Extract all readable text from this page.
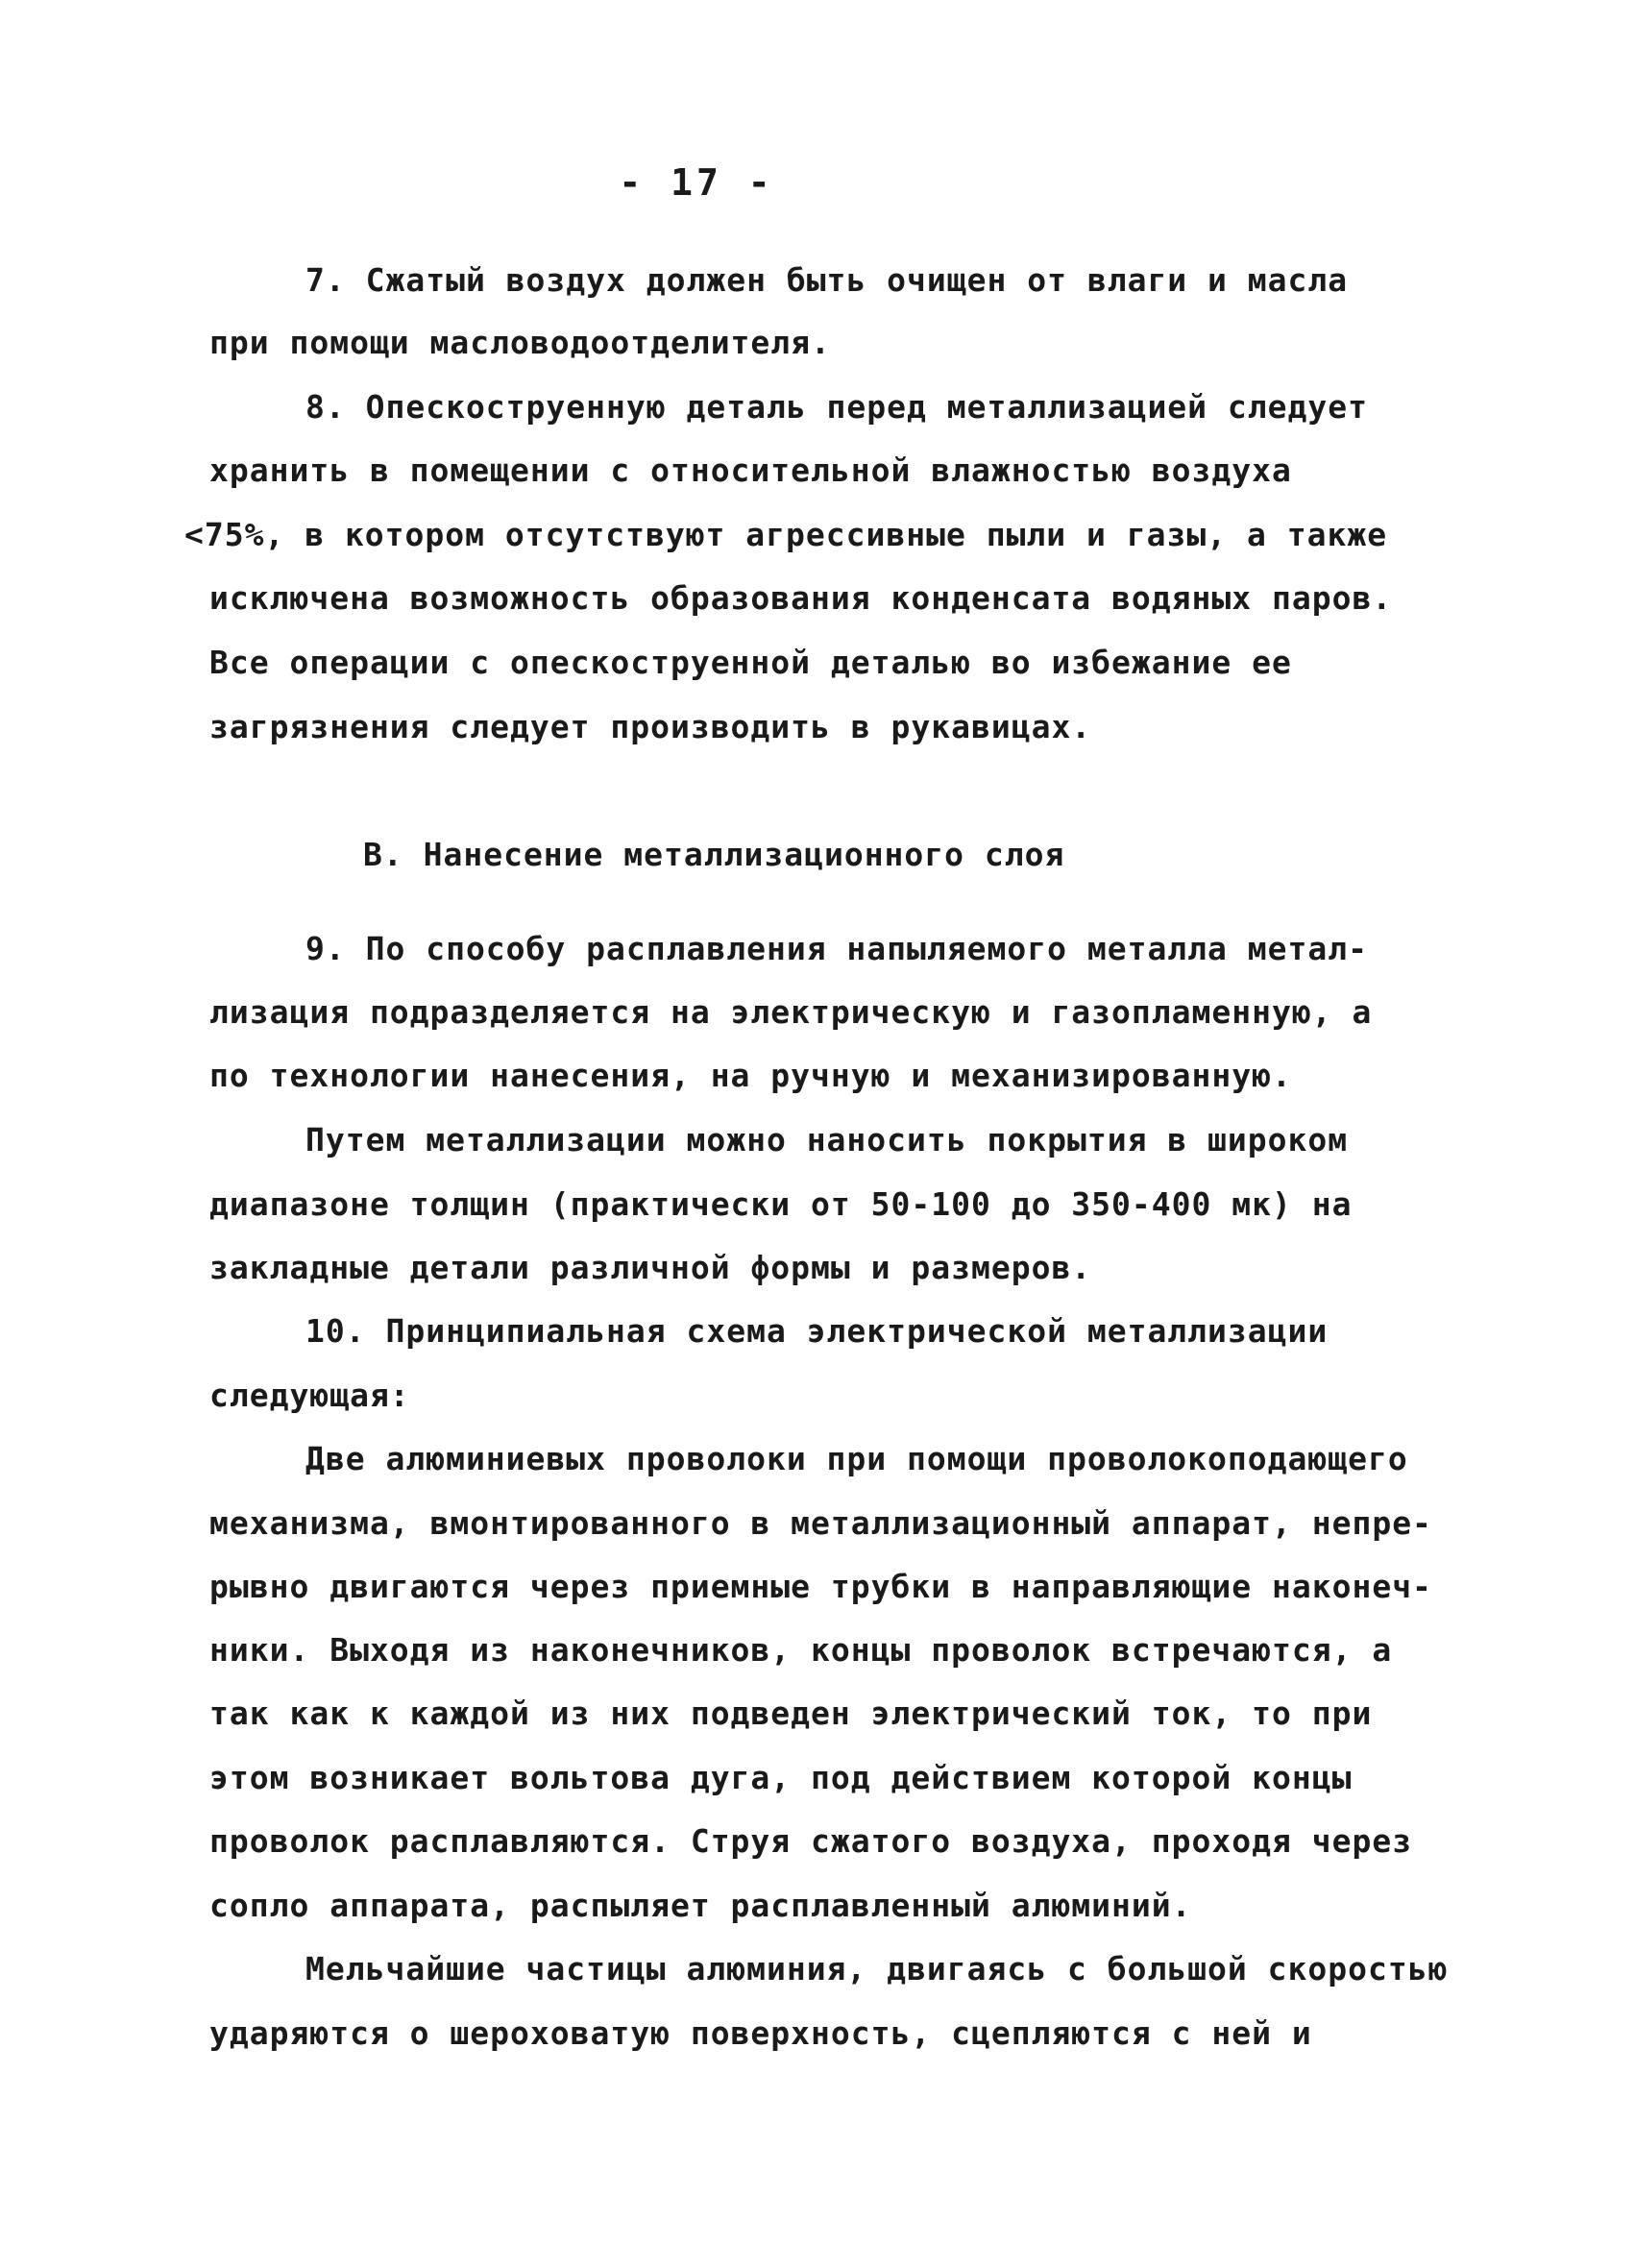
- 17 -
7. Сжатый воздух должен быть очищен от влаги и масла
при помощи масловодоотделителя.
8. Опескоструенную деталь перед металлизацией следует
хранить в помещении с относительной влажностью воздуха
<75%, в котором отсутствуют агрессивные пыли и газы, а также
исключена возможность образования конденсата водяных паров.
Все операции с опескоструенной деталью во избежание ее
загрязнения следует производить в рукавицах.
В. Нанесение металлизационного слоя
9. По способу расплавления напыляемого металла метал-
лизация подразделяется на электрическую и газопламенную, а
по технологии нанесения, на ручную и механизированную.
Путем металлизации можно наносить покрытия в широком
диапазоне толщин (практически от 50-100 до 350-400 мк) на
закладные детали различной формы и размеров.
10. Принципиальная схема электрической металлизации
следующая:
Две алюминиевых проволоки при помощи проволокоподающего
механизма, вмонтированного в металлизационный аппарат, непре-
рывно двигаются через приемные трубки в направляющие наконеч-
ники. Выходя из наконечников, концы проволок встречаются, а
так как к каждой из них подведен электрический ток, то при
этом возникает вольтова дуга, под действием которой концы
проволок расплавляются. Струя сжатого воздуха, проходя через
сопло аппарата, распыляет расплавленный алюминий.
Мельчайшие частицы алюминия, двигаясь с большой скоростью
ударяются о шероховатую поверхность, сцепляются с ней и
